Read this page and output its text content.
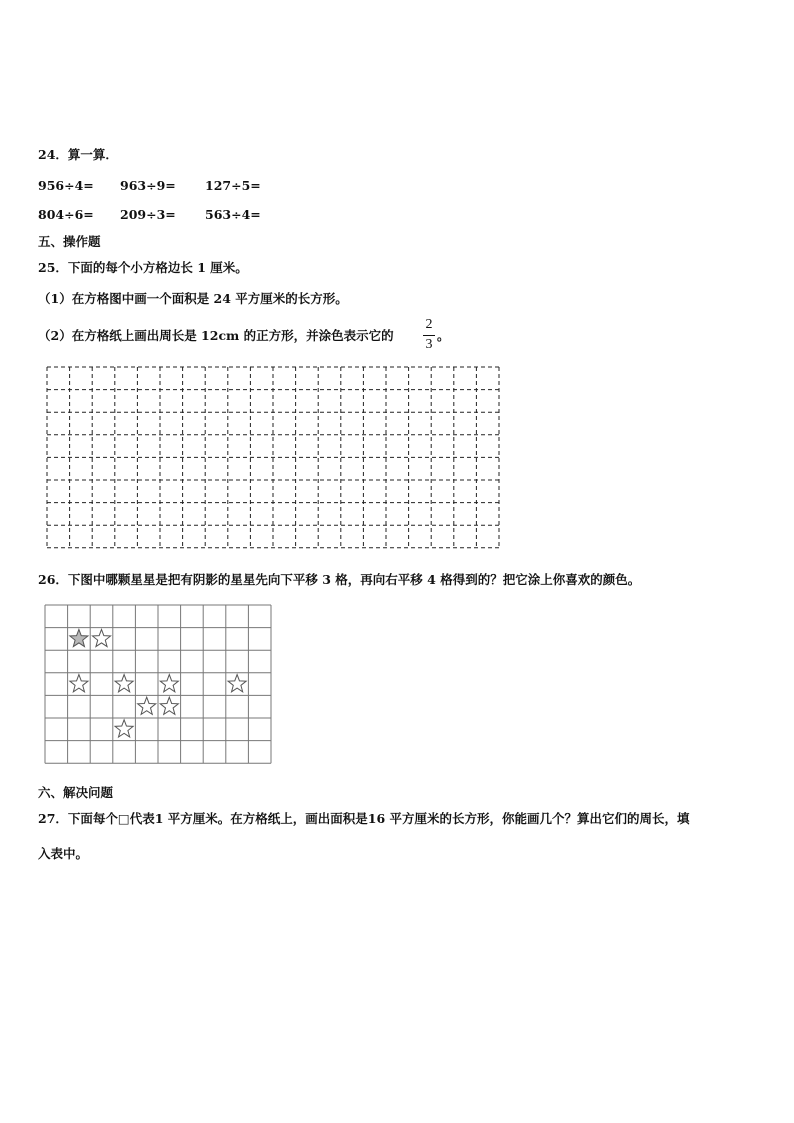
24．算一算．
956÷4= 963÷9= 127÷5=
804÷6= 209÷3= 563÷4=
五、操作题
25．下面的每个小方格边长 1 厘米。
（1）在方格图中画一个面积是 24 平方厘米的长方形。
（2）在方格纸上画出周长是 12cm 的正方形，并涂色表示它的
2
3
。
26．下图中哪颗星星是把有阴影的星星先向下平移 3 格，再向右平移 4 格得到的？把它涂上你喜欢的颜色。
六、解决问题
27．下面每个□代表1 平方厘米。在方格纸上，画出面积是16 平方厘米的长方形，你能画几个？算出它们的周长，填
入表中。
